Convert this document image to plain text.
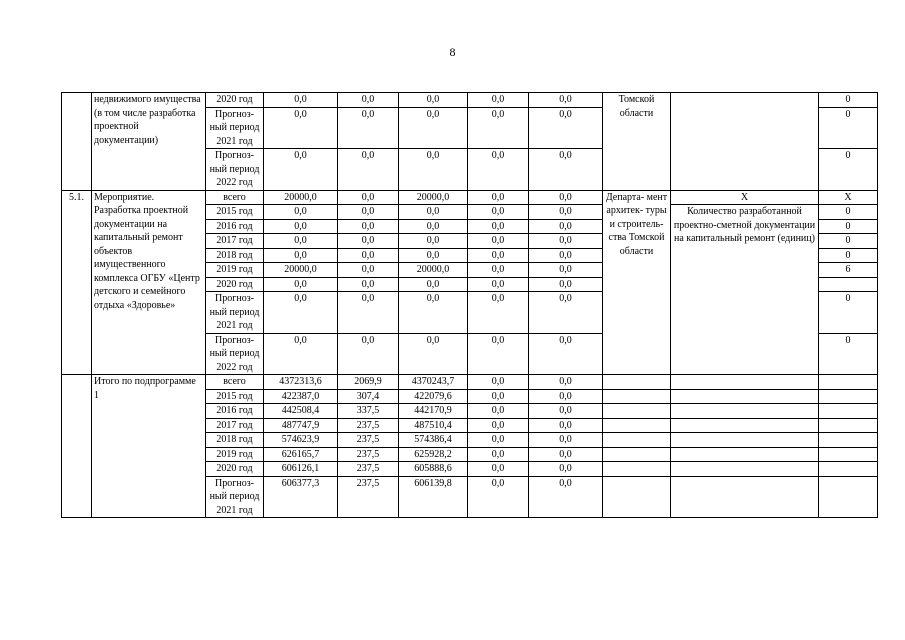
8
	недвижимого имущества (в том числе разработка проектной документации)	2020 год	0,0	0,0	0,0	0,0	0,0	Томской области		0
		Прогноз- ный период 2021 год	0,0	0,0	0,0	0,0	0,0			0
		Прогноз- ный период 2022 год	0,0	0,0	0,0	0,0	0,0			0
5.1.	Мероприятие. Разработка проектной документации на капитальный ремонт объектов имущественного комплекса ОГБУ «Центр детского и семейного отдыха «Здоровье»	всего	20000,0	0,0	20000,0	0,0	0,0	Департа- мент архитек- туры и строитель- ства Томской области	X	X
		2015 год	0,0	0,0	0,0	0,0	0,0		Количество разработанной проектно-сметной документации на капитальный ремонт (единиц)	0
		2016 год	0,0	0,0	0,0	0,0	0,0			0
		2017 год	0,0	0,0	0,0	0,0	0,0			0
		2018 год	0,0	0,0	0,0	0,0	0,0			0
		2019 год	20000,0	0,0	20000,0	0,0	0,0			6
		2020 год	0,0	0,0	0,0	0,0	0,0			
		Прогноз- ный период 2021 год	0,0	0,0	0,0	0,0	0,0			0
		Прогноз- ный период 2022 год	0,0	0,0	0,0	0,0	0,0			0
	Итого по подпрограмме 1	всего	4372313,6	2069,9	4370243,7	0,0	0,0			
		2015 год	422387,0	307,4	422079,6	0,0	0,0			
		2016 год	442508,4	337,5	442170,9	0,0	0,0			
		2017 год	487747,9	237,5	487510,4	0,0	0,0			
		2018 год	574623,9	237,5	574386,4	0,0	0,0			
		2019 год	626165,7	237,5	625928,2	0,0	0,0			
		2020 год	606126,1	237,5	605888,6	0,0	0,0			
		Прогноз- ный период 2021 год	606377,3	237,5	606139,8	0,0	0,0			
